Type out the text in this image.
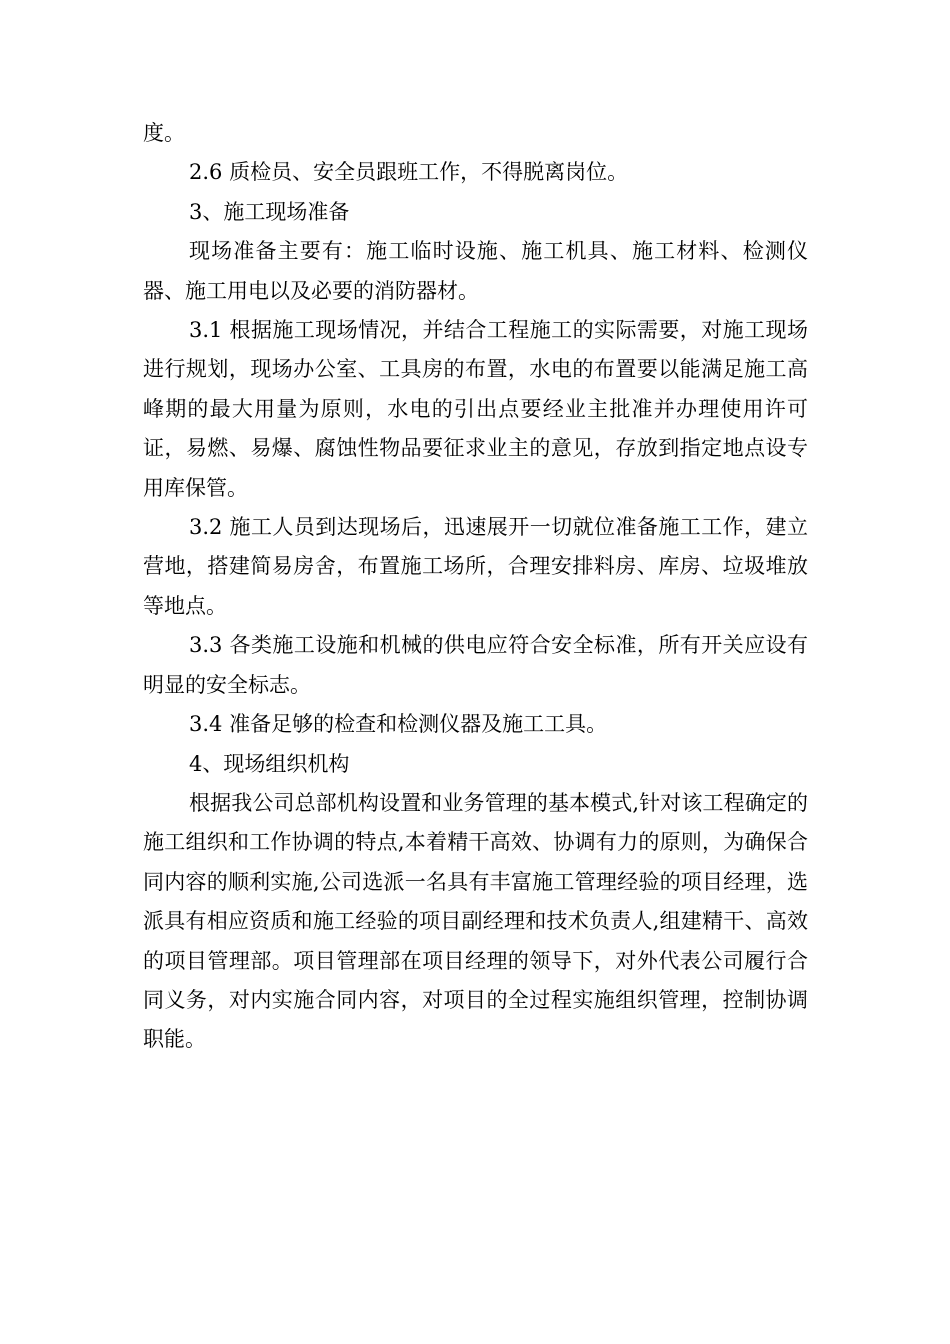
度。

2.6 质检员、安全员跟班工作，不得脱离岗位。

3、施工现场准备

现场准备主要有：施工临时设施、施工机具、施工材料、检测仪器、施工用电以及必要的消防器材。

3.1 根据施工现场情况，并结合工程施工的实际需要，对施工现场进行规划，现场办公室、工具房的布置，水电的布置要以能满足施工高峰期的最大用量为原则，水电的引出点要经业主批准并办理使用许可证，易燃、易爆、腐蚀性物品要征求业主的意见，存放到指定地点设专用库保管。

3.2 施工人员到达现场后，迅速展开一切就位准备施工工作，建立营地，搭建简易房舍，布置施工场所，合理安排料房、库房、垃圾堆放等地点。

3.3 各类施工设施和机械的供电应符合安全标准，所有开关应设有明显的安全标志。

3.4 准备足够的检查和检测仪器及施工工具。

4、现场组织机构

根据我公司总部机构设置和业务管理的基本模式,针对该工程确定的施工组织和工作协调的特点,本着精干高效、协调有力的原则，为确保合同内容的顺利实施,公司选派一名具有丰富施工管理经验的项目经理，选派具有相应资质和施工经验的项目副经理和技术负责人,组建精干、高效的项目管理部。项目管理部在项目经理的领导下，对外代表公司履行合同义务，对内实施合同内容，对项目的全过程实施组织管理，控制协调职能。
